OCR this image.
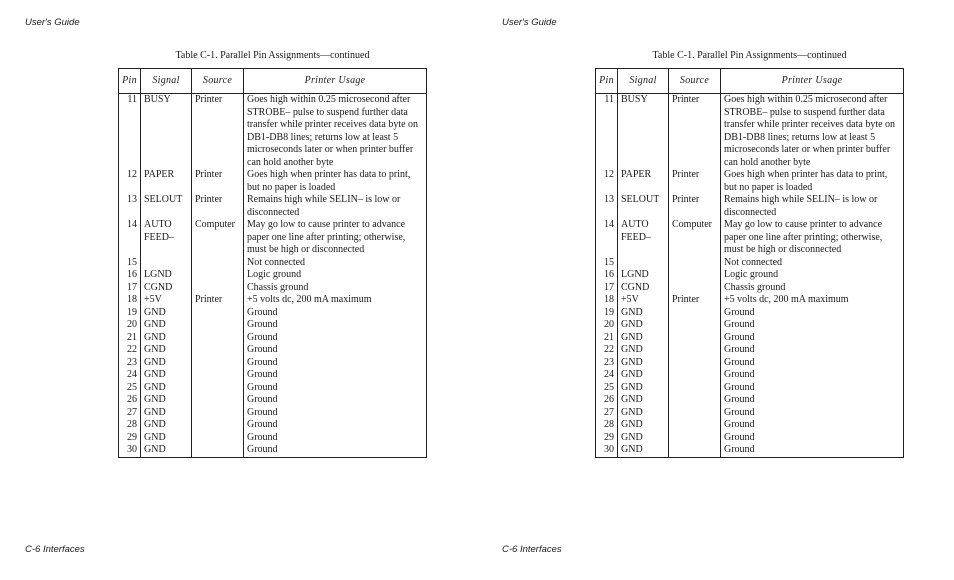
User's Guide
Table C-1. Parallel Pin Assignments—continued
Pin	Signal	Source	Printer Usage
11	BUSY	Printer	Goes high within 0.25 microsecond after STROBE– pulse to suspend further data transfer while printer receives data byte on DB1-DB8 lines; returns low at least 5 microseconds later or when printer buffer can hold another byte
12	PAPER	Printer	Goes high when printer has data to print, but no paper is loaded
13	SELOUT	Printer	Remains high while SELIN– is low or disconnected
14	AUTO FEED–	Computer	May go low to cause printer to advance paper one line after printing; otherwise, must be high or disconnected
15			Not connected
16	LGND		Logic ground
17	CGND		Chassis ground
18	+5V	Printer	+5 volts dc, 200 mA maximum
19	GND		Ground
20	GND		Ground
21	GND		Ground
22	GND		Ground
23	GND		Ground
24	GND		Ground
25	GND		Ground
26	GND		Ground
27	GND		Ground
28	GND		Ground
29	GND		Ground
30	GND		Ground
C-6 Interfaces
User's Guide
Table C-1. Parallel Pin Assignments—continued
Pin	Signal	Source	Printer Usage
11	BUSY	Printer	Goes high within 0.25 microsecond after STROBE– pulse to suspend further data transfer while printer receives data byte on DB1-DB8 lines; returns low at least 5 microseconds later or when printer buffer can hold another byte
12	PAPER	Printer	Goes high when printer has data to print, but no paper is loaded
13	SELOUT	Printer	Remains high while SELIN– is low or disconnected
14	AUTO FEED–	Computer	May go low to cause printer to advance paper one line after printing; otherwise, must be high or disconnected
15			Not connected
16	LGND		Logic ground
17	CGND		Chassis ground
18	+5V	Printer	+5 volts dc, 200 mA maximum
19	GND		Ground
20	GND		Ground
21	GND		Ground
22	GND		Ground
23	GND		Ground
24	GND		Ground
25	GND		Ground
26	GND		Ground
27	GND		Ground
28	GND		Ground
29	GND		Ground
30	GND		Ground
C-6 Interfaces
